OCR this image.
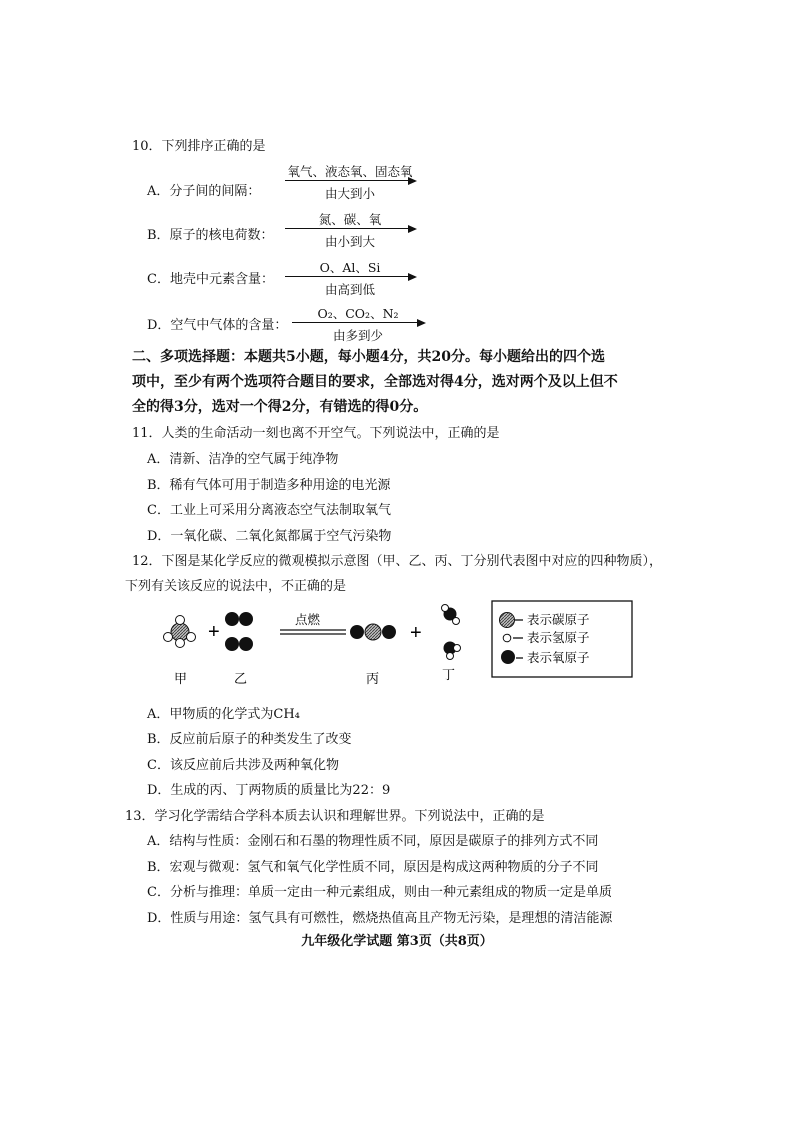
10．下列排序正确的是
A．分子间的间隔：
氧气、液态氧、固态氧
由大到小
B．原子的核电荷数：
氮、碳、氧
由小到大
C．地壳中元素含量：
O、Al、Si
由高到低
D．空气中气体的含量：
O₂、CO₂、N₂
由多到少
二、多项选择题：本题共5小题，每小题4分，共20分。每小题给出的四个选
项中，至少有两个选项符合题目的要求，全部选对得4分，选对两个及以上但不
全的得3分，选对一个得2分，有错选的得0分。
11．人类的生命活动一刻也离不开空气。下列说法中，正确的是
A．清新、洁净的空气属于纯净物
B．稀有气体可用于制造多种用途的电光源
C．工业上可采用分离液态空气法制取氧气
D．一氧化碳、二氧化氮都属于空气污染物
12．下图是某化学反应的微观模拟示意图（甲、乙、丙、丁分别代表图中对应的四种物质），
下列有关该反应的说法中，不正确的是
+
点燃
+
甲	乙	丙	丁
表示碳原子
表示氢原子
表示氧原子
A．甲物质的化学式为CH₄
B．反应前后原子的种类发生了改变
C．该反应前后共涉及两种氧化物
D．生成的丙、丁两物质的质量比为22：9
13．学习化学需结合学科本质去认识和理解世界。下列说法中，正确的是
A．结构与性质：金刚石和石墨的物理性质不同，原因是碳原子的排列方式不同
B．宏观与微观：氢气和氧气化学性质不同，原因是构成这两种物质的分子不同
C．分析与推理：单质一定由一种元素组成，则由一种元素组成的物质一定是单质
D．性质与用途：氢气具有可燃性，燃烧热值高且产物无污染，是理想的清洁能源
九年级化学试题 第3页（共8页）
